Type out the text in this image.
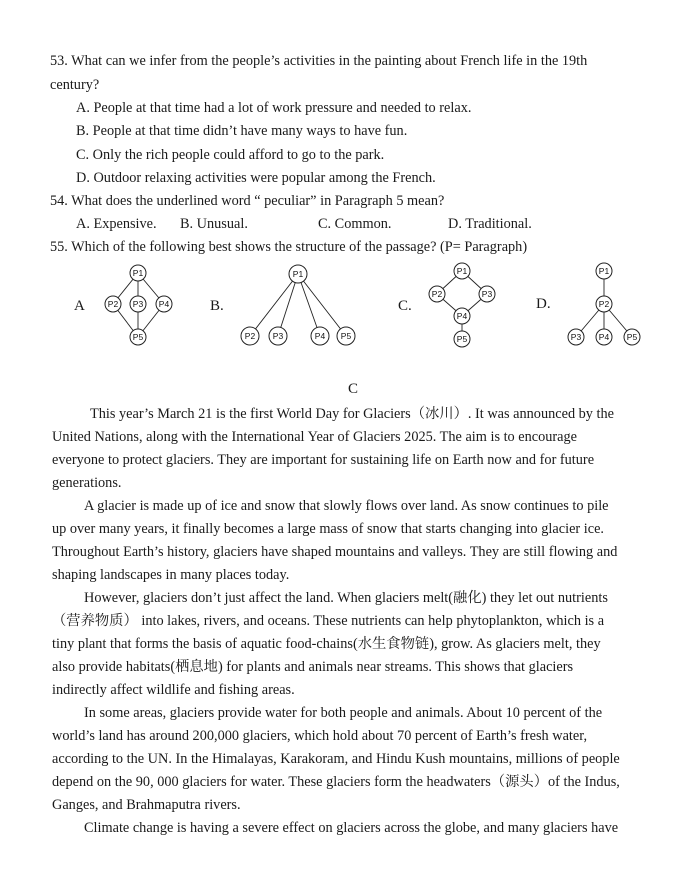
53. What can we infer from the people’s activities in the painting about French life in the 19th
century?
A. People at that time had a lot of work pressure and needed to relax.
B. People at that time didn’t have many ways to have fun.
C. Only the rich people could afford to go to the park.
D. Outdoor relaxing activities were popular among the French.
54. What does the underlined word “ peculiar” in Paragraph 5 mean?
A. Expensive. B. Unusual.	C. Common.	D. Traditional.
55. Which of the following best shows the structure of the passage? (P= Paragraph)
A	B.	C.	D.
P1
P2 P3 P4
P5
P1
P2 P3	P4 P5
P1
P2	P3
P4
P5
P1
P2
P3 P4 P5
C
This year’s March 21 is the first World Day for Glaciers（冰川）. It was announced by the
United Nations, along with the International Year of Glaciers 2025. The aim is to encourage
everyone to protect glaciers. They are important for sustaining life on Earth now and for future
generations.
A glacier is made up of ice and snow that slowly flows over land. As snow continues to pile
up over many years, it finally becomes a large mass of snow that starts changing into glacier ice.
Throughout Earth’s history, glaciers have shaped mountains and valleys. They are still flowing and
shaping landscapes in many places today.
However, glaciers don’t just affect the land. When glaciers melt(融化) they let out nutrients
（营养物质） into lakes, rivers, and oceans. These nutrients can help phytoplankton, which is a
tiny plant that forms the basis of aquatic food-chains(水生食物链), grow. As glaciers melt, they
also provide habitats(栖息地) for plants and animals near streams. This shows that glaciers
indirectly affect wildlife and fishing areas.
In some areas, glaciers provide water for both people and animals. About 10 percent of the
world’s land has around 200,000 glaciers, which hold about 70 percent of Earth’s fresh water,
according to the UN. In the Himalayas, Karakoram, and Hindu Kush mountains, millions of people
depend on the 90, 000 glaciers for water. These glaciers form the headwaters（源头）of the Indus,
Ganges, and Brahmaputra rivers.
Climate change is having a severe effect on glaciers across the globe, and many glaciers have
